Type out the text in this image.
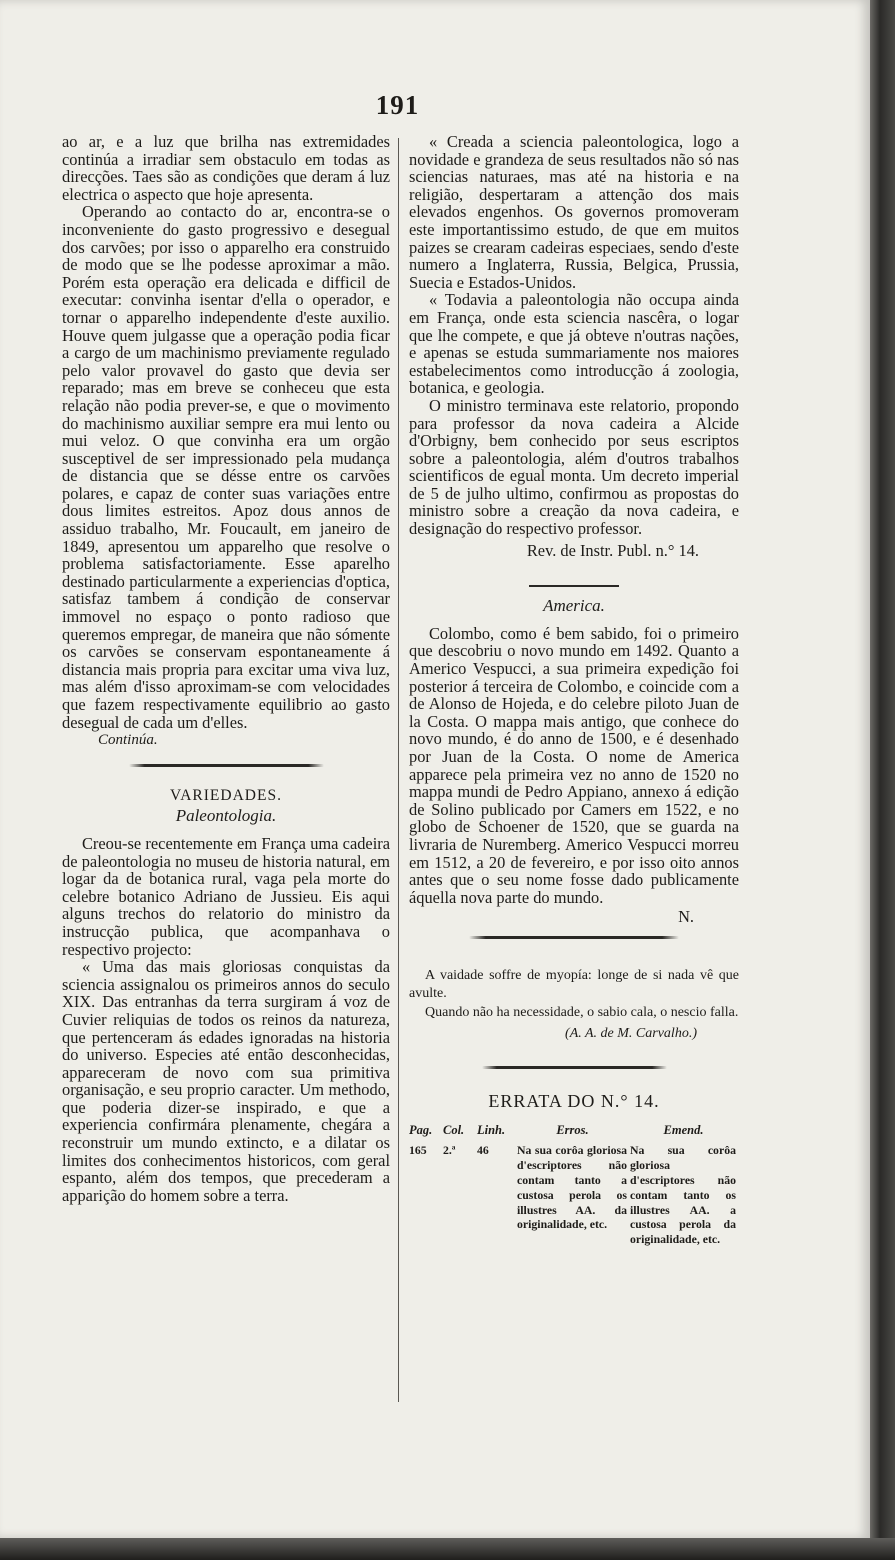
191

ao ar, e a luz que brilha nas extremidades continúa a irradiar sem obstaculo em todas as direcções. Taes são as condições que deram á luz electrica o aspecto que hoje apresenta.

Operando ao contacto do ar, encontra-se o inconveniente do gasto progressivo e desegual dos carvões; por isso o apparelho era construido de modo que se lhe podesse aproximar a mão. Porém esta operação era delicada e difficil de executar: convinha isentar d'ella o operador, e tornar o apparelho independente d'este auxilio. Houve quem julgasse que a operação podia ficar a cargo de um machinismo previamente regulado pelo valor provavel do gasto que devia ser reparado; mas em breve se conheceu que esta relação não podia prever-se, e que o movimento do machinismo auxiliar sempre era mui lento ou mui veloz. O que convinha era um orgão susceptivel de ser impressionado pela mudança de distancia que se désse entre os carvões polares, e capaz de conter suas variações entre dous limites estreitos. Apoz dous annos de assiduo trabalho, Mr. Foucault, em janeiro de 1849, apresentou um apparelho que resolve o problema satisfactoriamente. Esse aparelho destinado particularmente a experiencias d'optica, satisfaz tambem á condição de conservar immovel no espaço o ponto radioso que queremos empregar, de maneira que não sómente os carvões se conservam espontaneamente á distancia mais propria para excitar uma viva luz, mas além d'isso aproximam-se com velocidades que fazem respectivamente equilibrio ao gasto desegual de cada um d'elles.

Continúa.

VARIEDADES.
Paleontologia.

Creou-se recentemente em França uma cadeira de paleontologia no museu de historia natural, em logar da de botanica rural, vaga pela morte do celebre botanico Adriano de Jussieu. Eis aqui alguns trechos do relatorio do ministro da instrucção publica, que acompanhava o respectivo projecto:

« Uma das mais gloriosas conquistas da sciencia assignalou os primeiros annos do seculo XIX. Das entranhas da terra surgiram á voz de Cuvier reliquias de todos os reinos da natureza, que pertenceram ás edades ignoradas na historia do universo. Especies até então desconhecidas, appareceram de novo com sua primitiva organisação, e seu proprio caracter. Um methodo, que poderia dizer-se inspirado, e que a experiencia confirmára plenamente, chegára a reconstruir um mundo extincto, e a dilatar os limites dos conhecimentos historicos, com geral espanto, além dos tempos, que precederam a apparição do homem sobre a terra.

« Creada a sciencia paleontologica, logo a novidade e grandeza de seus resultados não só nas sciencias naturaes, mas até na historia e na religião, despertaram a attenção dos mais elevados engenhos. Os governos promoveram este importantissimo estudo, de que em muitos paizes se crearam cadeiras especiaes, sendo d'este numero a Inglaterra, Russia, Belgica, Prussia, Suecia e Estados-Unidos.

« Todavia a paleontologia não occupa ainda em França, onde esta sciencia nascêra, o logar que lhe compete, e que já obteve n'outras nações, e apenas se estuda summariamente nos maiores estabelecimentos como introducção á zoologia, botanica, e geologia.

O ministro terminava este relatorio, propondo para professor da nova cadeira a Alcide d'Orbigny, bem conhecido por seus escriptos sobre a paleontologia, além d'outros trabalhos scientificos de egual monta. Um decreto imperial de 5 de julho ultimo, confirmou as propostas do ministro sobre a creação da nova cadeira, e designação do respectivo professor.

Rev. de Instr. Publ. n.° 14.
America.

Colombo, como é bem sabido, foi o primeiro que descobriu o novo mundo em 1492. Quanto a Americo Vespucci, a sua primeira expedição foi posterior á terceira de Colombo, e coincide com a de Alonso de Hojeda, e do celebre piloto Juan de la Costa. O mappa mais antigo, que conhece do novo mundo, é do anno de 1500, e é desenhado por Juan de la Costa. O nome de America apparece pela primeira vez no anno de 1520 no mappa mundi de Pedro Appiano, annexo á edição de Solino publicado por Camers em 1522, e no globo de Schoener de 1520, que se guarda na livraria de Nuremberg. Americo Vespucci morreu em 1512, a 20 de fevereiro, e por isso oito annos antes que o seu nome fosse dado publicamente áquella nova parte do mundo.

N.

A vaidade soffre de myopía: longe de si nada vê que avulte.

Quando não ha necessidade, o sabio cala, o nescio falla.

(A. A. de M. Carvalho.)
ERRATA DO N.° 14.
Pag.	Col.	Linh.	Erros.	Emend.
165	2.ª	46	Na sua corôa gloriosa d'escriptores não contam tanto a custosa perola os illustres AA. da originalidade, etc.	Na sua corôa gloriosa d'escriptores não contam tanto os illustres AA. a custosa perola da originalidade, etc.
